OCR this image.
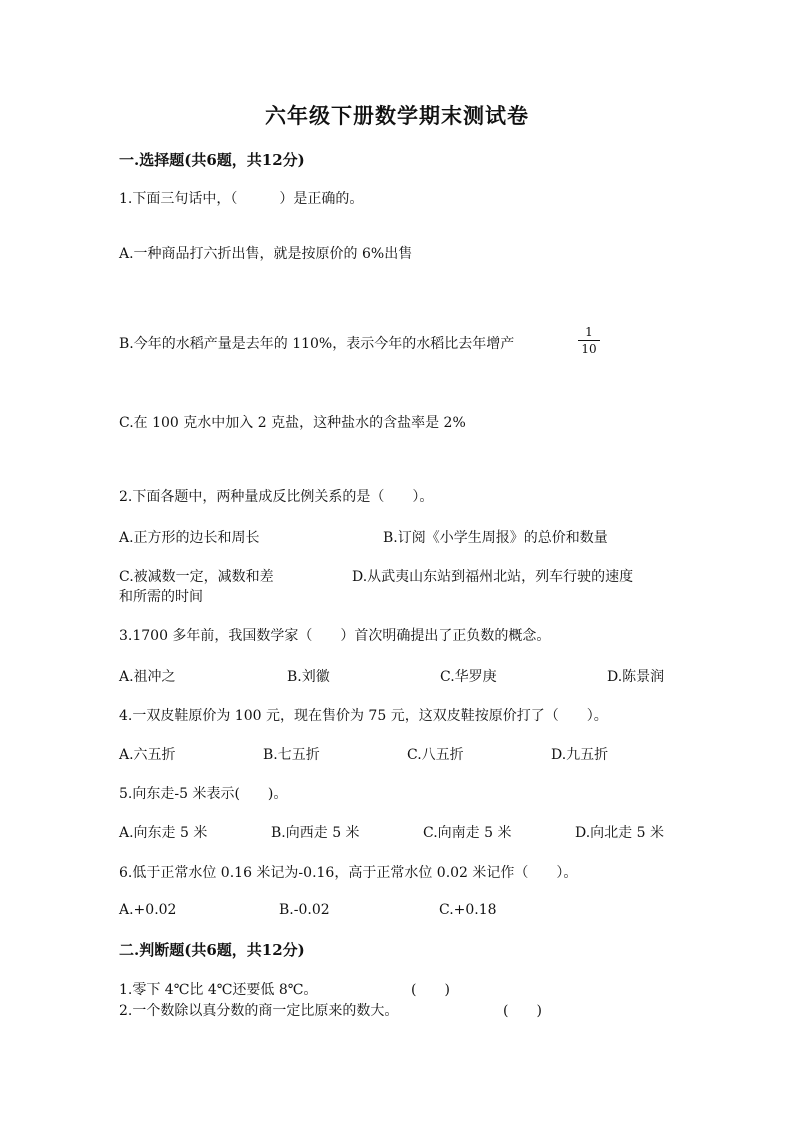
六年级下册数学期末测试卷
一.选择题(共6题，共12分)
1.下面三句话中，（　　　）是正确的。
A.一种商品打六折出售，就是按原价的 6%出售
B.今年的水稻产量是去年的 110%，表示今年的水稻比去年增产	$\frac{1}{10}$
C.在 100 克水中加入 2 克盐，这种盐水的含盐率是 2%
2.下面各题中，两种量成反比例关系的是（　　）。
A.正方形的边长和周长	B.订阅《小学生周报》的总价和数量
C.被减数一定，减数和差	D.从武夷山东站到福州北站，列车行驶的速度
和所需的时间
3.1700 多年前，我国数学家（　　）首次明确提出了正负数的概念。
A.祖冲之	B.刘徽	C.华罗庚	D.陈景润
4.一双皮鞋原价为 100 元，现在售价为 75 元，这双皮鞋按原价打了（　　）。
A.六五折	B.七五折	C.八五折	D.九五折
5.向东走-5 米表示(　　)。
A.向东走 5 米	B.向西走 5 米	C.向南走 5 米	D.向北走 5 米
6.低于正常水位 0.16 米记为-0.16，高于正常水位 0.02 米记作（　　）。
A.+0.02	B.-0.02	C.+0.18
二.判断题(共6题，共12分)
1.零下 4℃比 4℃还要低 8℃。	(　　)
2.一个数除以真分数的商一定比原来的数大。	(　　)
